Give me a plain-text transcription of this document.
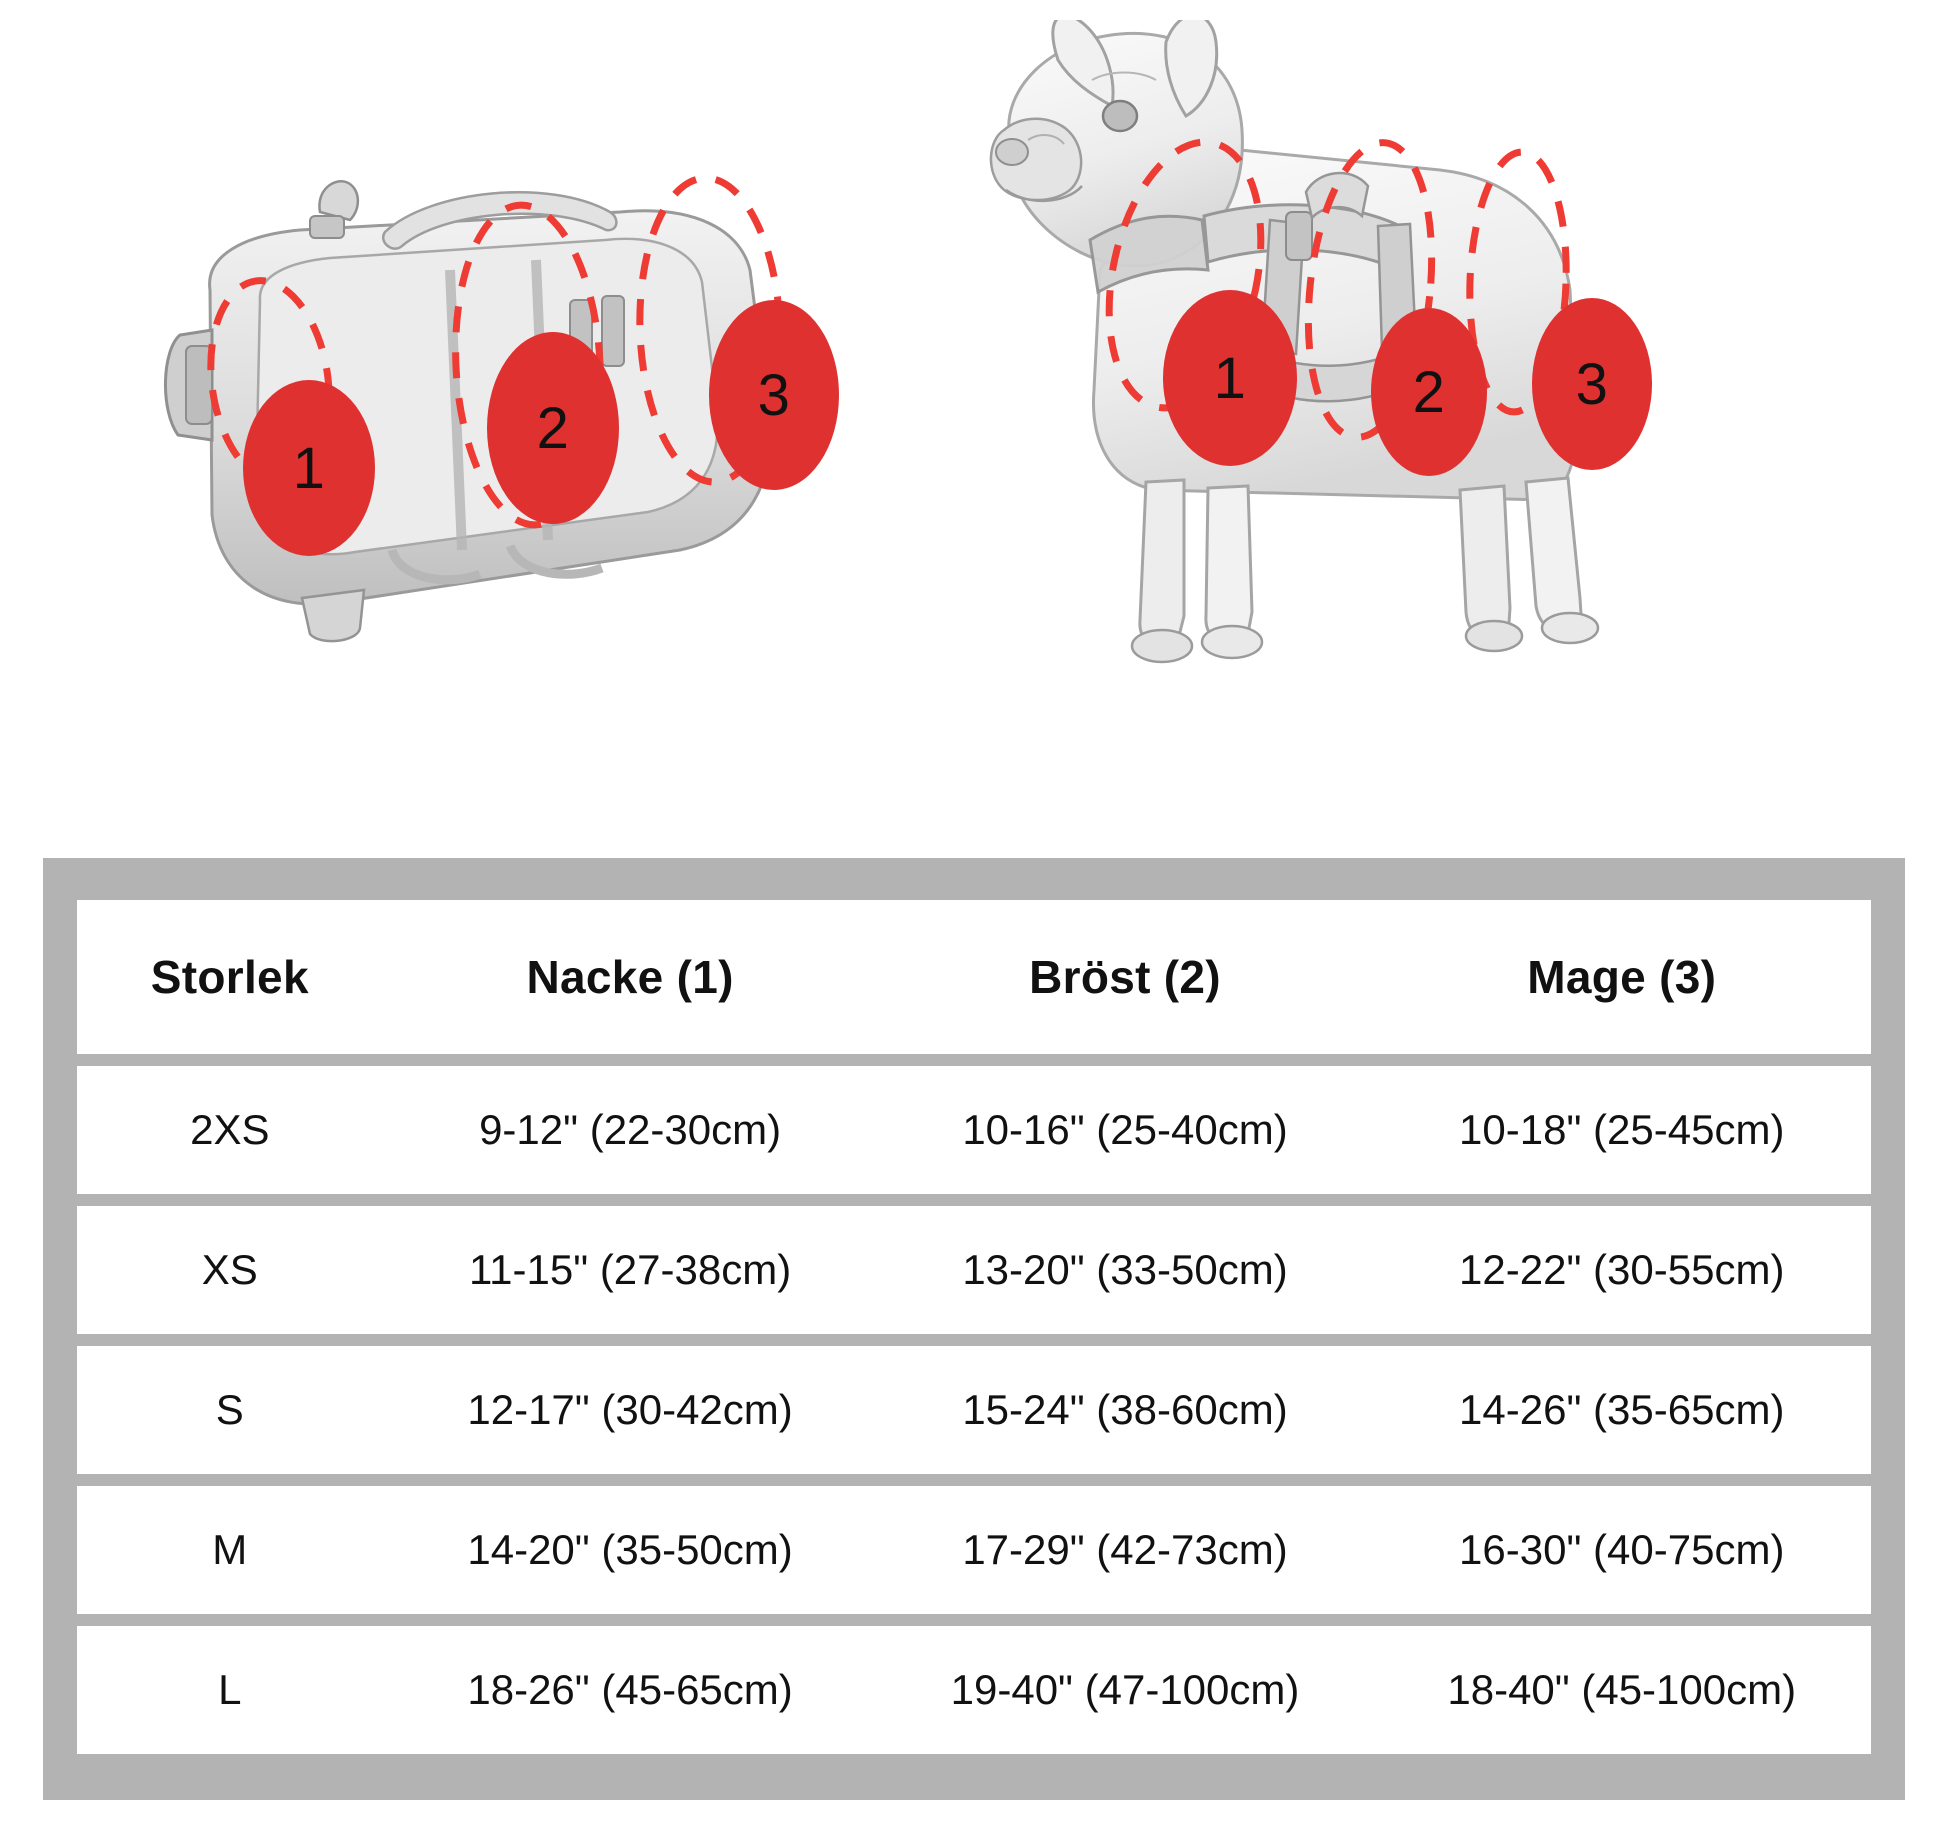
1
2
3	1	2 3
Storlek	Nacke (1)	Bröst (2)	Mage (3)
2XS	9-12" (22-30cm)	10-16" (25-40cm)	10-18" (25-45cm)
XS	11-15" (27-38cm)	13-20" (33-50cm)	12-22" (30-55cm)
S	12-17" (30-42cm)	15-24" (38-60cm)	14-26" (35-65cm)
M	14-20" (35-50cm)	17-29" (42-73cm)	16-30" (40-75cm)
L	18-26" (45-65cm)	19-40" (47-100cm)	18-40" (45-100cm)
